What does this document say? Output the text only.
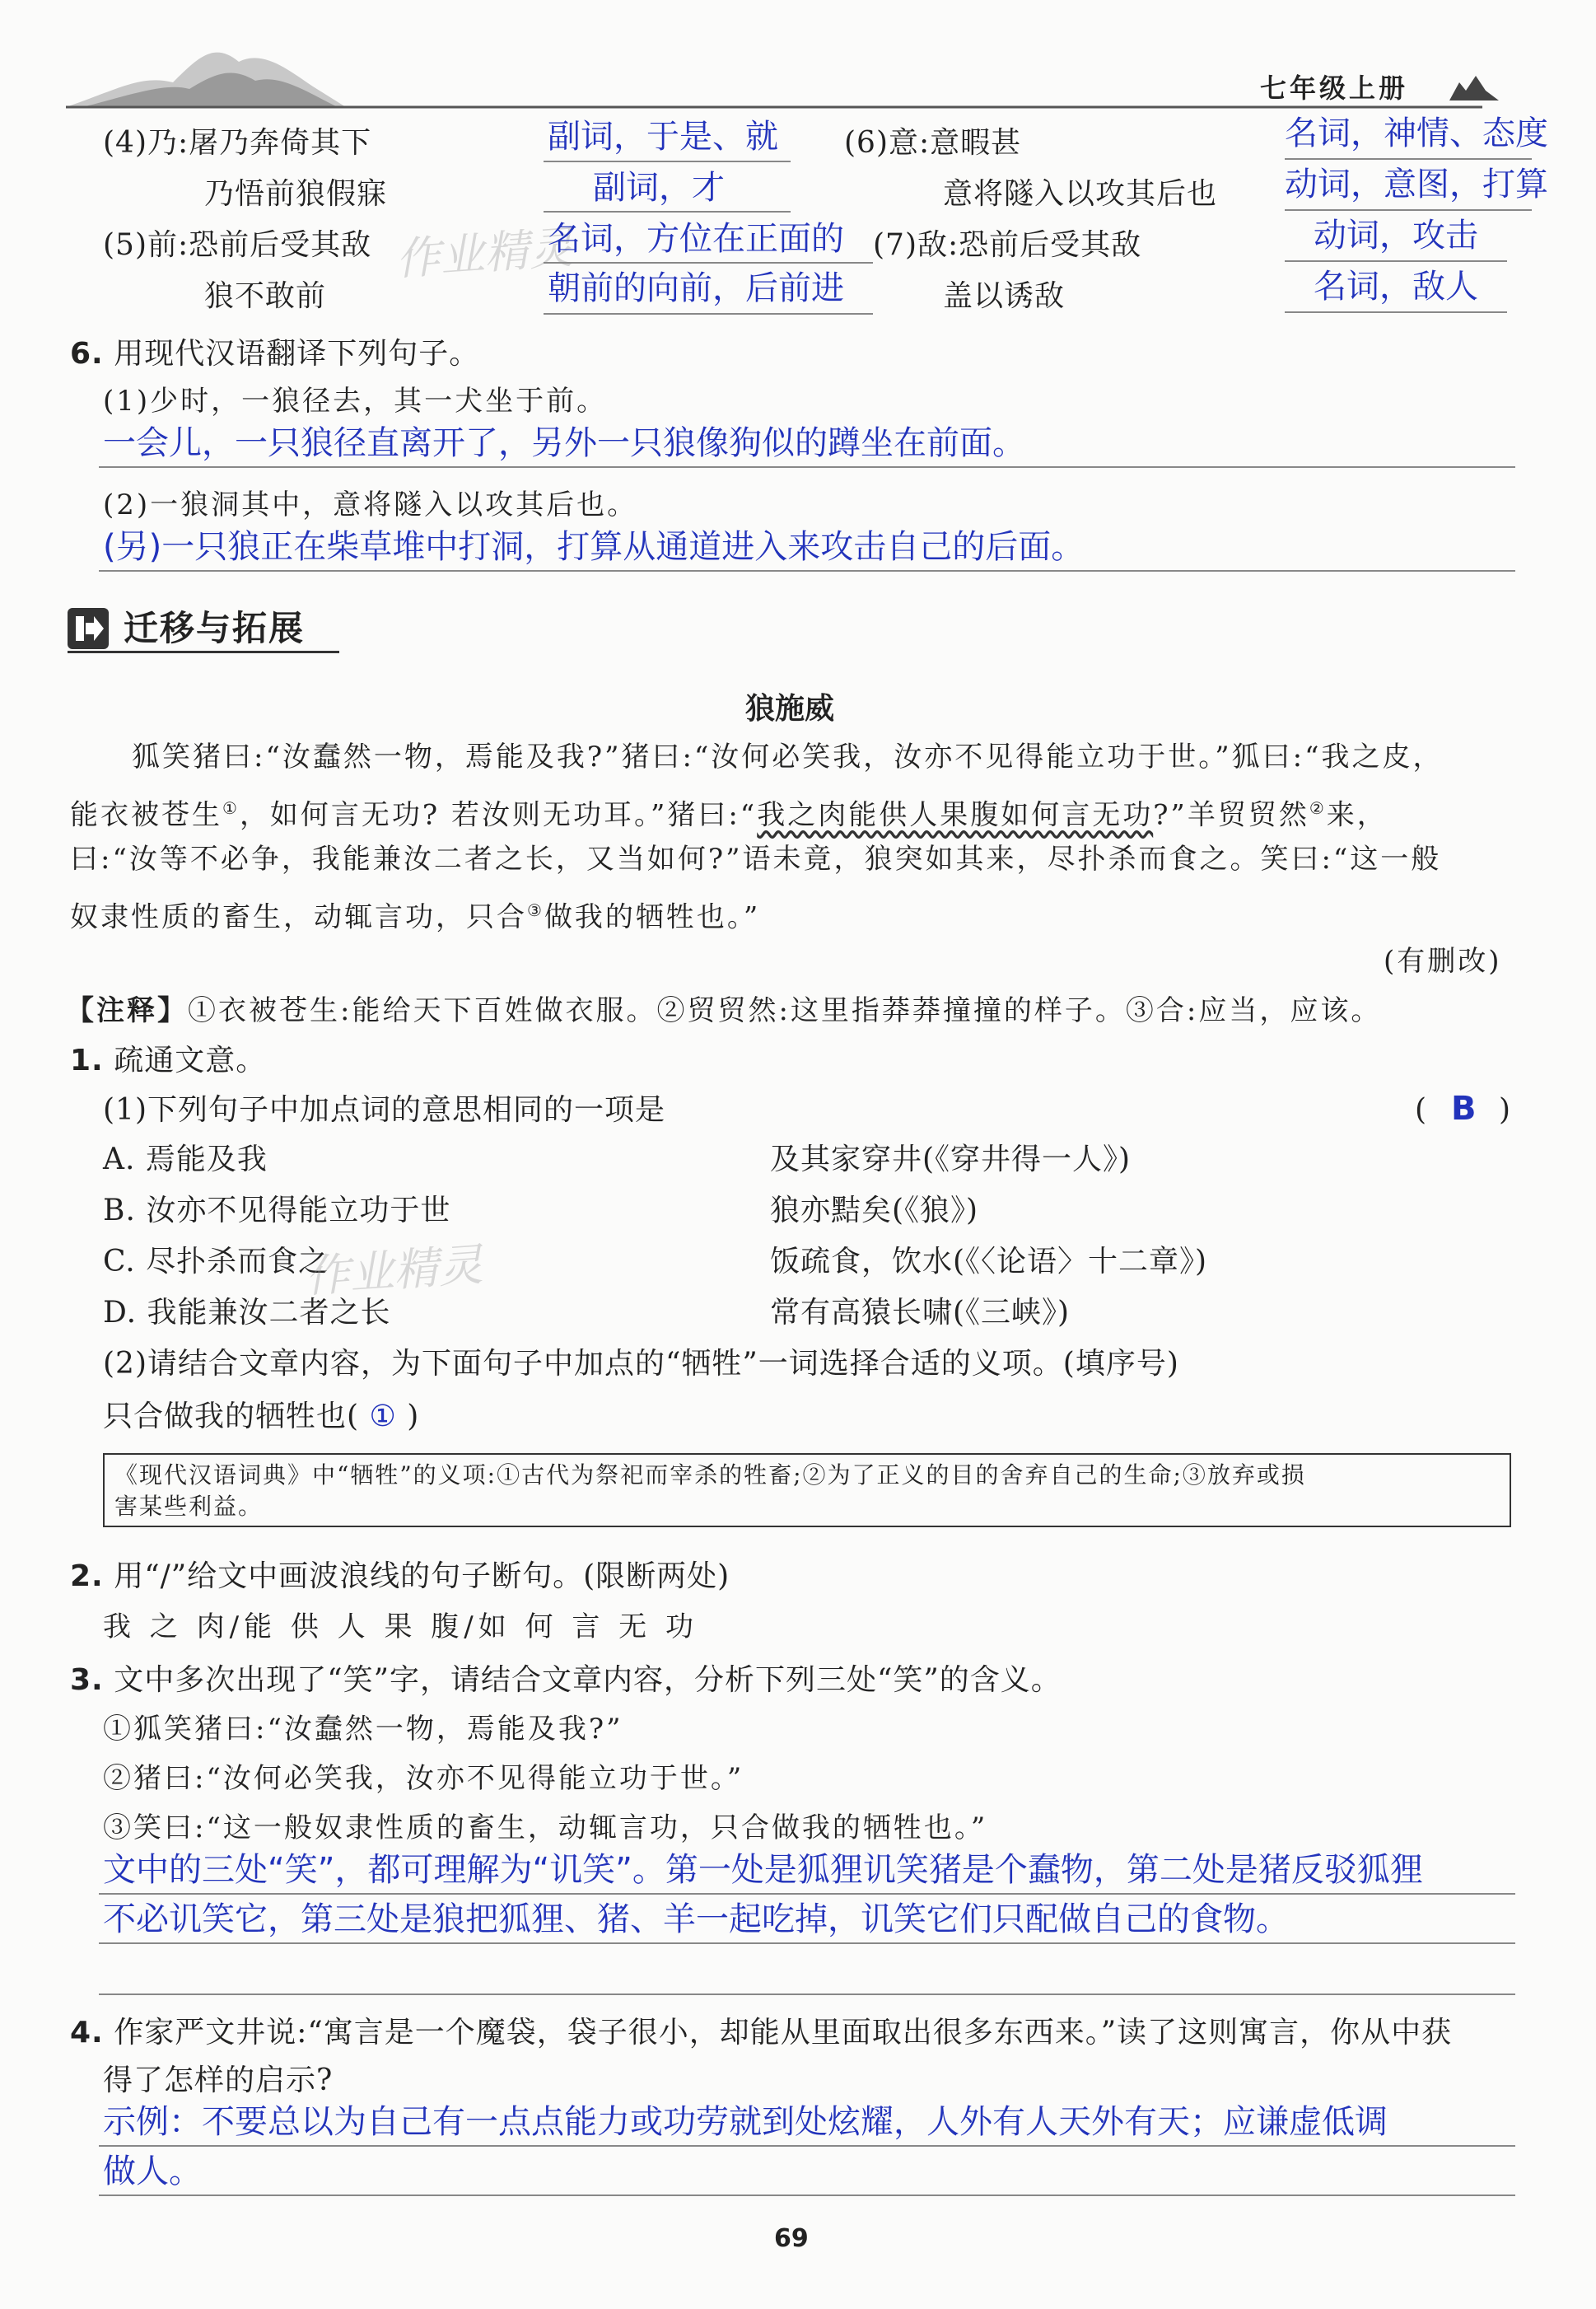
七年级上册
作业精灵
(4)乃:屠乃奔倚其下	副词，于是、就
乃悟前狼假寐	副词，才
(5)前:恐前后受其敌	名词，方位在正面的
狼不敢前	朝前的向前，后前进
(6)意:意暇甚	名词，神情、态度
意将隧入以攻其后也 动词，意图，打算
(7)敌:恐前后受其敌	动词，攻击
盖以诱敌	名词，敌人
6. 用现代汉语翻译下列句子。
(1)少时，一狼径去，其一犬坐于前。
一会儿，一只狼径直离开了，另外一只狼像狗似的蹲坐在前面。
(2)一狼洞其中，意将隧入以攻其后也。
(另)一只狼正在柴草堆中打洞，打算从通道进入来攻击自己的后面。
迁移与拓展
狼施威
狐笑猪曰:“汝蠢然一物，焉能及我?”猪曰:“汝何必笑我，汝亦不见得能立功于世。”狐曰:“我之皮，
能衣被苍生①，如何言无功? 若汝则无功耳。”猪曰:“我之肉能供人果腹如何言无功?”羊贸贸然②来，
曰:“汝等不必争，我能兼汝二者之长，又当如何?”语未竟，狼突如其来，尽扑杀而食之。笑曰:“这一般
奴隶性质的畜生，动辄言功，只合③做我的牺牲也。”
(有删改)
【注释】①衣被苍生:能给天下百姓做衣服。②贸贸然:这里指莽莽撞撞的样子。③合:应当，应该。
1. 疏通文意。
(1)下列句子中加点词的意思相同的一项是	( B )
A. 焉能及我	及其家穿井(《穿井得一人》)
B. 汝亦不见得能立功于世	狼亦黠矣(《狼》)
C. 尽扑杀而食之	饭疏食，饮水(《〈论语〉十二章》)
D. 我能兼汝二者之长	常有高猿长啸(《三峡》)
作业精灵
(2)请结合文章内容，为下面句子中加点的“牺牲”一词选择合适的义项。(填序号)
只合做我的牺牲也( ① )
《现代汉语词典》中“牺牲”的义项:①古代为祭祀而宰杀的牲畜;②为了正义的目的舍弃自己的生命;③放弃或损
害某些利益。
2. 用“/”给文中画波浪线的句子断句。(限断两处)
我 之 肉/能 供 人 果 腹/如 何 言 无 功
3. 文中多次出现了“笑”字，请结合文章内容，分析下列三处“笑”的含义。
①狐笑猪曰:“汝蠢然一物，焉能及我?”
②猪曰:“汝何必笑我，汝亦不见得能立功于世。”
③笑曰:“这一般奴隶性质的畜生，动辄言功，只合做我的牺牲也。”
文中的三处“笑”，都可理解为“讥笑”。第一处是狐狸讥笑猪是个蠢物，第二处是猪反驳狐狸
不必讥笑它，第三处是狼把狐狸、猪、羊一起吃掉，讥笑它们只配做自己的食物。
4. 作家严文井说:“寓言是一个魔袋，袋子很小，却能从里面取出很多东西来。”读了这则寓言，你从中获
得了怎样的启示?
示例：不要总以为自己有一点点能力或功劳就到处炫耀，人外有人天外有天；应谦虚低调
做人。
69
